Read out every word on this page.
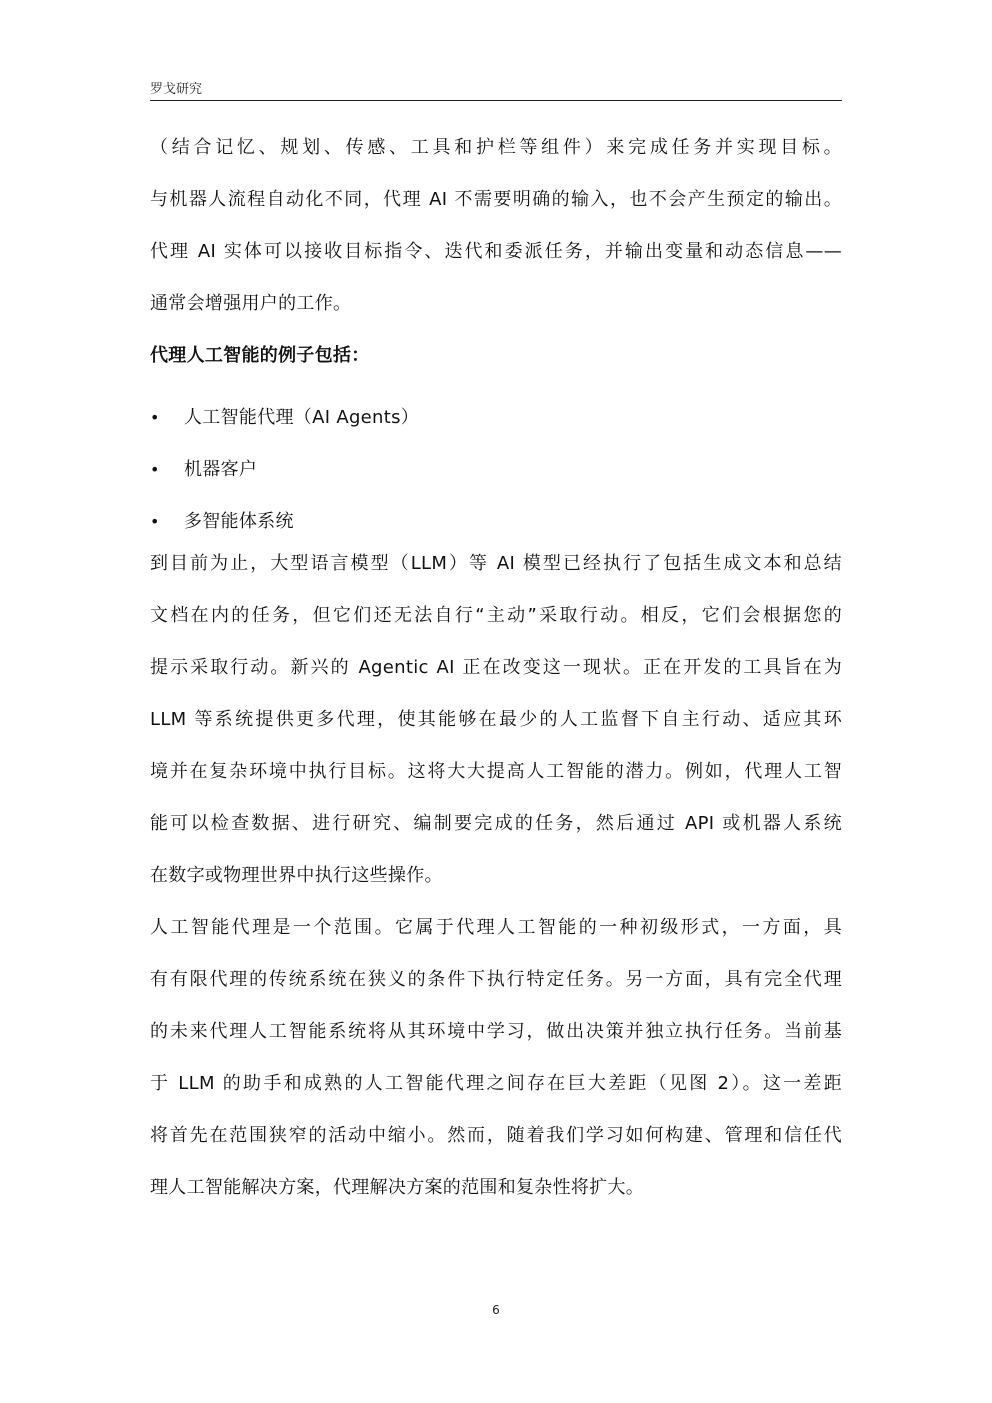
罗戈研究
（结合记忆、规划、传感、工具和护栏等组件）来完成任务并实现目标。
与机器人流程自动化不同，代理 AI 不需要明确的输入，也不会产生预定的输出。
代理 AI 实体可以接收目标指令、迭代和委派任务，并输出变量和动态信息——
通常会增强用户的工作。
代理人工智能的例子包括：
•	人工智能代理（AI Agents）
•	机器客户
•	多智能体系统
到目前为止，大型语言模型（LLM）等 AI 模型已经执行了包括生成文本和总结
文档在内的任务，但它们还无法自行“主动”采取行动。相反，它们会根据您的
提示采取行动。新兴的 Agentic AI 正在改变这一现状。正在开发的工具旨在为
LLM 等系统提供更多代理，使其能够在最少的人工监督下自主行动、适应其环
境并在复杂环境中执行目标。这将大大提高人工智能的潜力。例如，代理人工智
能可以检查数据、进行研究、编制要完成的任务，然后通过 API 或机器人系统
在数字或物理世界中执行这些操作。
人工智能代理是一个范围。它属于代理人工智能的一种初级形式，一方面，具
有有限代理的传统系统在狭义的条件下执行特定任务。另一方面，具有完全代理
的未来代理人工智能系统将从其环境中学习，做出决策并独立执行任务。当前基
于 LLM 的助手和成熟的人工智能代理之间存在巨大差距（见图 2）。这一差距
将首先在范围狭窄的活动中缩小。然而，随着我们学习如何构建、管理和信任代
理人工智能解决方案，代理解决方案的范围和复杂性将扩大。
6
